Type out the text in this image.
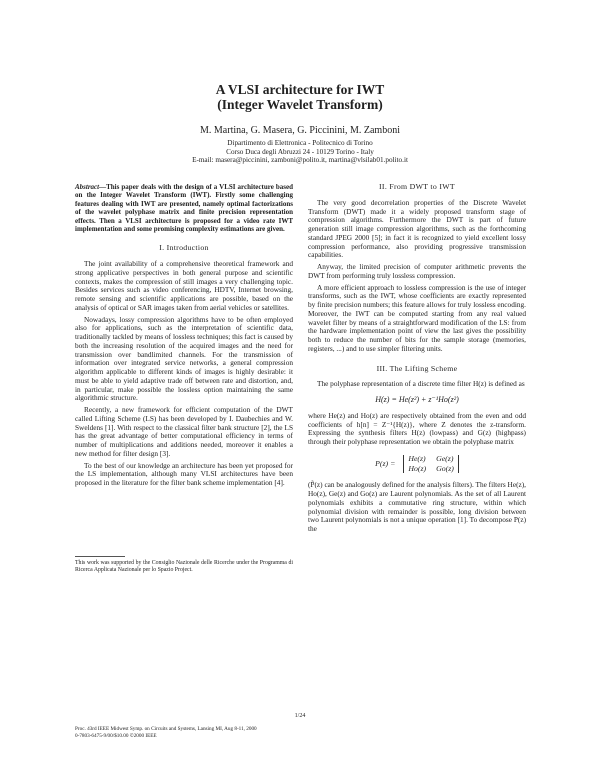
A VLSI architecture for IWT
(Integer Wavelet Transform)
M. Martina, G. Masera, G. Piccinini, M. Zamboni
Dipartimento di Elettronica - Politecnico di Torino
Corso Duca degli Abruzzi 24 - 10129 Torino - Italy
E-mail: masera@piccinini, zamboni@polito.it, martina@vlsilab01.polito.it
Abstract—This paper deals with the design of a VLSI architecture based on the Integer Wavelet Transform (IWT). Firstly some challenging features dealing with IWT are presented, namely optimal factorizations of the wavelet polyphase matrix and finite precision representation effects. Then a VLSI architecture is proposed for a video rate IWT implementation and some promising complexity estimations are given.
I. Introduction

The joint availability of a comprehensive theoretical framework and strong applicative perspectives in both general purpose and scientific contexts, makes the compression of still images a very challenging topic. Besides services such as video conferencing, HDTV, Internet browsing, remote sensing and scientific applications are possible, based on the analysis of optical or SAR images taken from aerial vehicles or satellites.

Nowadays, lossy compression algorithms have to be often employed also for applications, such as the interpretation of scientific data, traditionally tackled by means of lossless techniques; this fact is caused by both the increasing resolution of the acquired images and the need for transmission over bandlimited channels. For the transmission of information over integrated service networks, a general compression algorithm applicable to different kinds of images is highly desirable: it must be able to yield adaptive trade off between rate and distortion, and, in particular, make possible the lossless option maintaining the same algorithmic structure.

Recently, a new framework for efficient computation of the DWT called Lifting Scheme (LS) has been developed by I. Daubechies and W. Sweldens [1]. With respect to the classical filter bank structure [2], the LS has the great advantage of better computational efficiency in terms of number of multiplications and additions needed, moreover it enables a new method for filter design [3].

To the best of our knowledge an architecture has been yet proposed for the LS implementation, although many VLSI architectures have been proposed in the literature for the filter bank scheme implementation [4].

This work was supported by the Consiglio Nazionale delle Ricerche under the Programma di Ricerca Applicata Nazionale per lo Spazio Project.
II. From DWT to IWT

The very good decorrelation properties of the Discrete Wavelet Transform (DWT) made it a widely proposed transform stage of compression algorithms. Furthermore the DWT is part of future generation still image compression algorithms, such as the forthcoming standard JPEG 2000 [5]; in fact it is recognized to yield excellent lossy compression performance, also providing progressive transmission capabilities.

Anyway, the limited precision of computer arithmetic prevents the DWT from performing truly lossless compression.

A more efficient approach to lossless compression is the use of integer transforms, such as the IWT, whose coefficients are exactly represented by finite precision numbers; this feature allows for truly lossless encoding. Moreover, the IWT can be computed starting from any real valued wavelet filter by means of a straightforward modification of the LS: from the hardware implementation point of view the last gives the possibility both to reduce the number of bits for the sample storage (memories, registers, ...) and to use simpler filtering units.

III. The Lifting Scheme

The polyphase representation of a discrete time filter H(z) is defined as

H(z) = He(z²) + z⁻¹Ho(z²)

where He(z) and Ho(z) are respectively obtained from the even and odd coefficients of h[n] = Z⁻¹{H(z)}, where Z denotes the z-transform. Expressing the synthesis filters H(z) (lowpass) and G(z) (highpass) through their polyphase representation we obtain the polyphase matrix

P(z) =
He(z) Ge(z)
Ho(z) Go(z)

(P̃(z) can be analogously defined for the analysis filters). The filters He(z), Ho(z), Ge(z) and Go(z) are Laurent polynomials. As the set of all Laurent polynomials exhibits a commutative ring structure, within which polynomial division with remainder is possible, long division between two Laurent polynomials is not a unique operation [1]. To decompose P(z) the

1/24
Proc. 43rd IEEE Midwest Symp. on Circuits and Systems, Lansing MI, Aug 8-11, 2000
0-7803-6475-9/00/$10.00 ©2000 IEEE
